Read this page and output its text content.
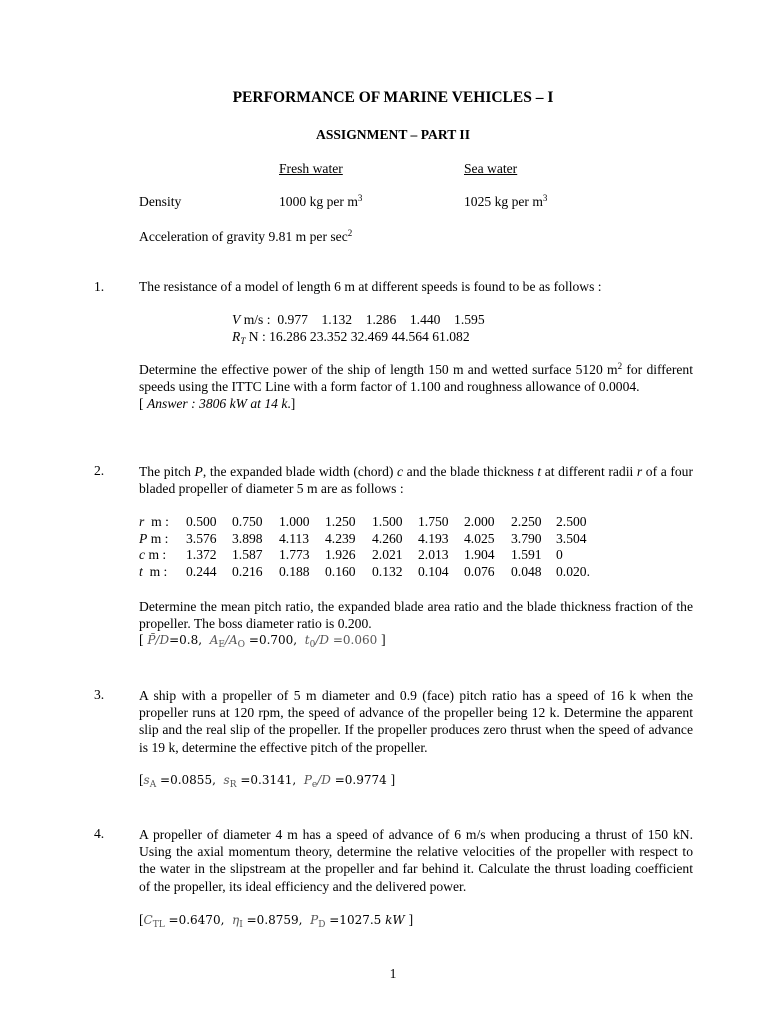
PERFORMANCE OF MARINE VEHICLES – I
ASSIGNMENT – PART II
Fresh water	Sea water
Density	1000 kg per $m^3$	1025 kg per $m^3$
Acceleration of gravity 9.81 m per $\sec^2$
1.	The resistance of a model of length 6 m at different speeds is found to be as follows :
V m/s : 0.977    1.132    1.286    1.440    1.595
$R_T$ N : 16.286 23.352 32.469 44.564 61.082

Determine the effective power of the ship of length 150 m and wetted surface 5120 $m^2$ for different speeds using the ITTC Line with a form factor of 1.100 and roughness allowance of 0.0004.

[ Answer : 3806 kW at 14 k.]

2.	The pitch P, the expanded blade width (chord) c and the blade thickness t at different radii r of a four bladed propeller of diameter 5 m are as follows :

r  m : 0.500 0.750 1.000 1.250 1.500 1.750 2.000 2.250 2.500
P m : 3.576 3.898 4.113 4.239 4.260 4.193 4.025 3.790 3.504
c m : 1.372 1.587 1.773 1.926 2.021 2.013 1.904 1.591 0
t  m : 0.244 0.216 0.188 0.160 0.132 0.104 0.076 0.048 0.020.

Determine the mean pitch ratio, the expanded blade area ratio and the blade thickness fraction of the propeller. The boss diameter ratio is 0.200.

[ P̄/D=0.8, $A_E/A_O =0.700$, $t_0/D =0.060$ ]
3.	A ship with a propeller of 5 m diameter and 0.9 (face) pitch ratio has a speed of 16 k when the propeller runs at 120 rpm, the speed of advance of the propeller being 12 k. Determine the apparent slip and the real slip of the propeller. If the propeller produces zero thrust when the speed of advance is 19 k, determine the effective pitch of the propeller.

[$s_A =0.0855$, $s_R =0.3141$, $P_e/D =0.9774$ ]
4.	A propeller of diameter 4 m has a speed of advance of 6 m/s when producing a thrust of 150 kN. Using the axial momentum theory, determine the relative velocities of the propeller with respect to the water in the slipstream at the propeller and far behind it. Calculate the thrust loading coefficient of the propeller, its ideal efficiency and the delivered power.

[$C_{TL} =0.6470$, $\eta_I =0.8759$, $P_D =1027.5$ kW ]
1
